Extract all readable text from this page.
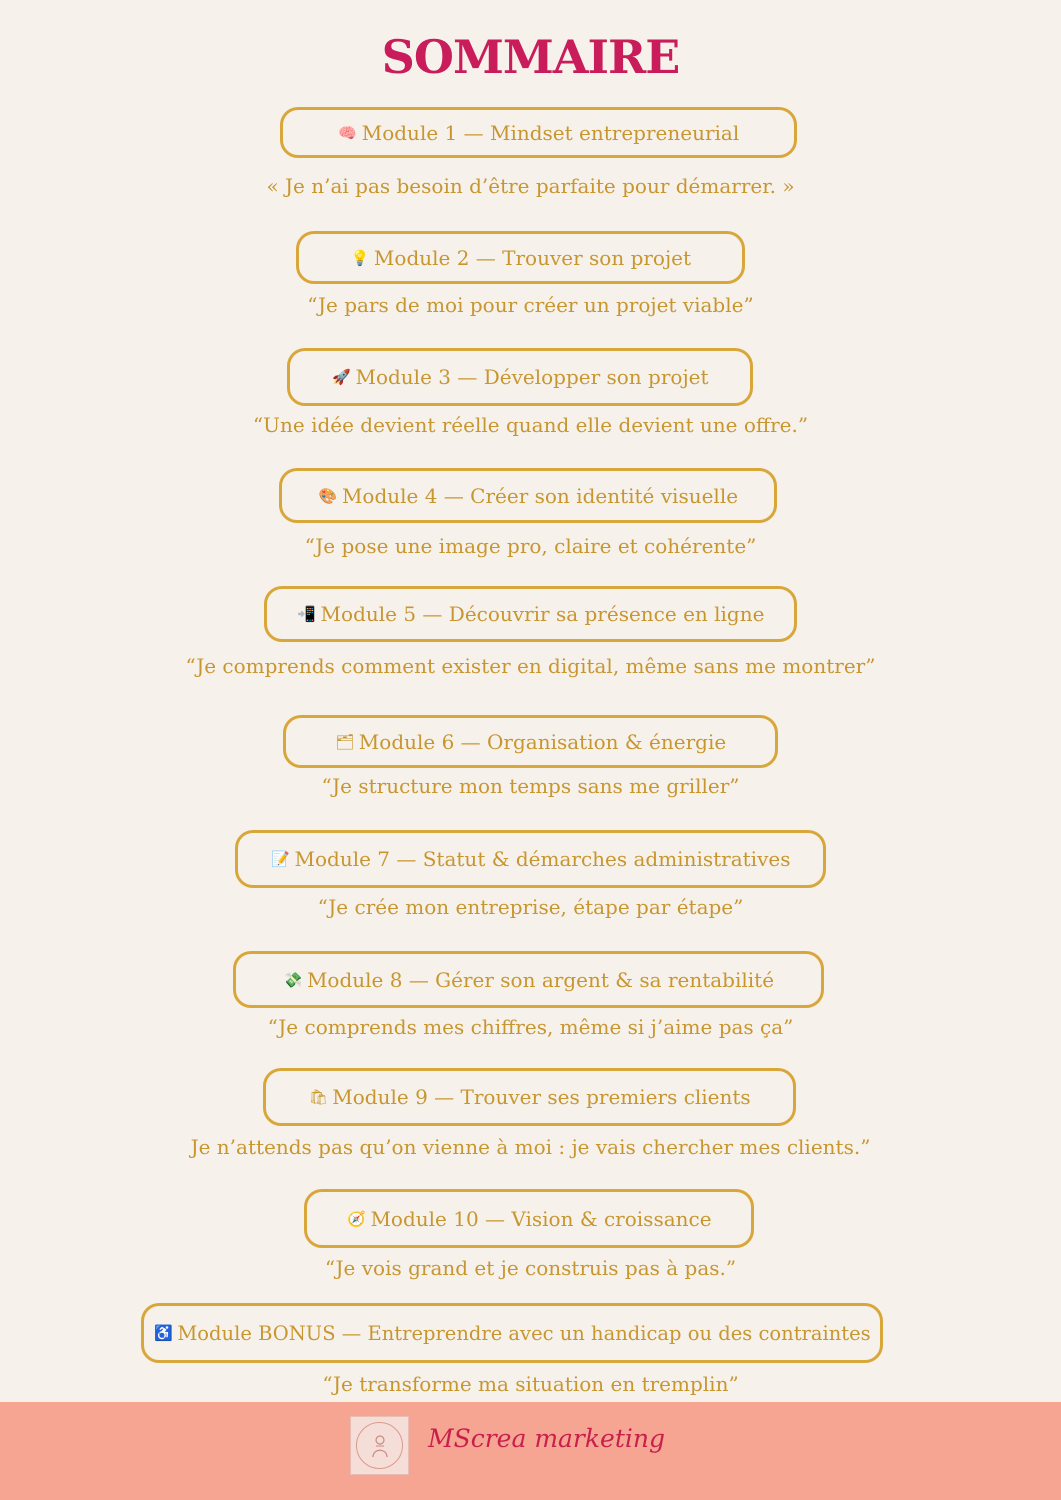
SOMMAIRE
🧠 Module 1 — Mindset entrepreneurial
« Je n’ai pas besoin d’être parfaite pour démarrer. »
💡 Module 2 — Trouver son projet
“Je pars de moi pour créer un projet viable”
🚀 Module 3 — Développer son projet
“Une idée devient réelle quand elle devient une offre.”
🎨 Module 4 — Créer son identité visuelle
“Je pose une image pro, claire et cohérente”
📲 Module 5 — Découvrir sa présence en ligne
“Je comprends comment exister en digital, même sans me montrer”
🗂 Module 6 — Organisation & énergie
“Je structure mon temps sans me griller”
📝 Module 7 — Statut & démarches administratives
“Je crée mon entreprise, étape par étape”
💸 Module 8 — Gérer son argent & sa rentabilité
“Je comprends mes chiffres, même si j’aime pas ça”
🛍 Module 9 — Trouver ses premiers clients
Je n’attends pas qu’on vienne à moi : je vais chercher mes clients.”
🧭 Module 10 — Vision & croissance
“Je vois grand et je construis pas à pas.”
♿ Module BONUS — Entreprendre avec un handicap ou des contraintes
“Je transforme ma situation en tremplin”
MScrea marketing
